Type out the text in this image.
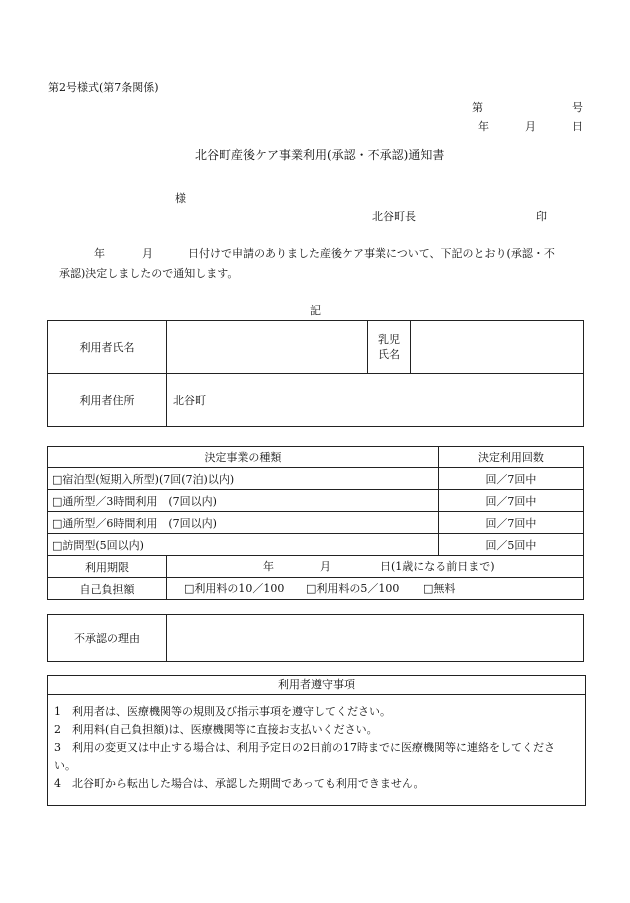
第2号様式(第7条関係)
第	号
年	月	日
北谷町産後ケア事業利用(承認・不承認)通知書
様
北谷町長	印
年	月	日付けで申請のありました産後ケア事業について、下記のとおり(承認・不
承認)決定しましたので通知します。
記
利用者氏名		乳児
氏名	

利用者住所	北谷町		
決定事業の種類		決定利用回数
□宿泊型(短期入所型)(7回(7泊)以内)		回／7回中
□通所型／3時間利用　(7回以内)		回／7回中
□通所型／6時間利用　(7回以内)		回／7回中
□訪問型(5回以内)		回／5回中
利用期限	年 月 日(1歳になる前日まで)	

自己負担額	□利用料の10／100 □利用料の5／100 □無料	
不承認の理由	
利用者遵守事項
1　利用者は、医療機関等の規則及び指示事項を遵守してください。
2　利用料(自己負担額)は、医療機関等に直接お支払いください。
3　利用の変更又は中止する場合は、利用予定日の2日前の17時までに医療機関等に連絡をしてくださ
い。
4　北谷町から転出した場合は、承認した期間であっても利用できません。
